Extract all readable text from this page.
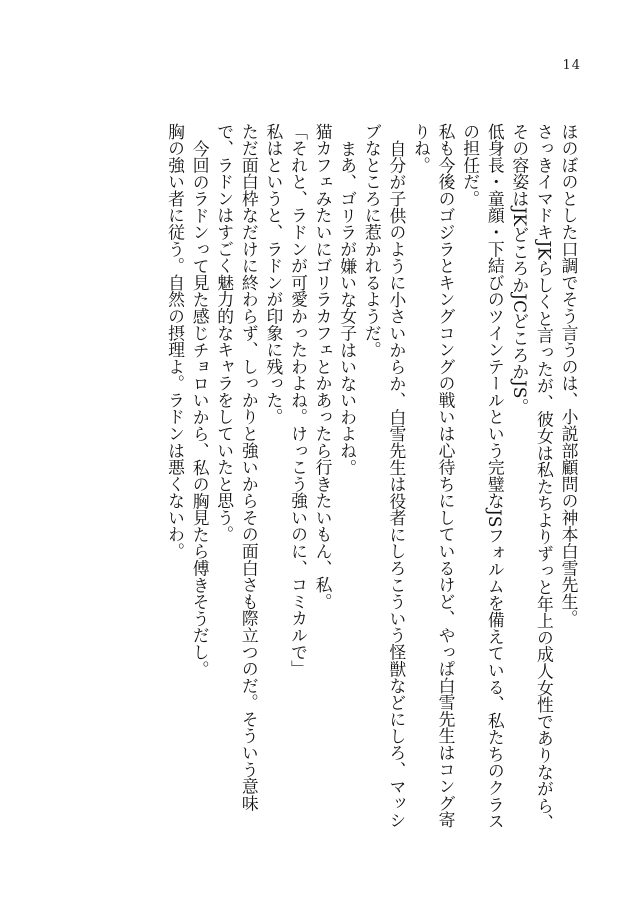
14

ほのぼのとした口調でそう言うのは、小説部顧問の神本白雪先生。

さっきイマドキJKらしくと言ったが、彼女は私たちよりずっと年上の成人女性でありながら、その容姿はJKどころかJCどころかJS。

低身長・童顔・下結びのツインテールという完璧なJSフォルムを備えている、私たちのクラスの担任だ。

私も今後のゴジラとキングコングの戦いは心待ちにしているけど、やっぱ白雪先生はコング寄りね。

自分が子供のように小さいからか、白雪先生は役者にしろこういう怪獣などにしろ、マッシブなところに惹かれるようだ。

まあ、ゴリラが嫌いな女子はいないわよね。

猫カフェみたいにゴリラカフェとかあったら行きたいもん、私。

「それと、ラドンが可愛かったわよね。けっこう強いのに、コミカルで」

私はというと、ラドンが印象に残った。

ただ面白枠なだけに終わらず、しっかりと強いからその面白さも際立つのだ。そういう意味で、ラドンはすごく魅力的なキャラをしていたと思う。

今回のラドンって見た感じチョロいから、私の胸見たら傅きそうだし。

胸の強い者に従う。自然の摂理よ。ラドンは悪くないわ。
